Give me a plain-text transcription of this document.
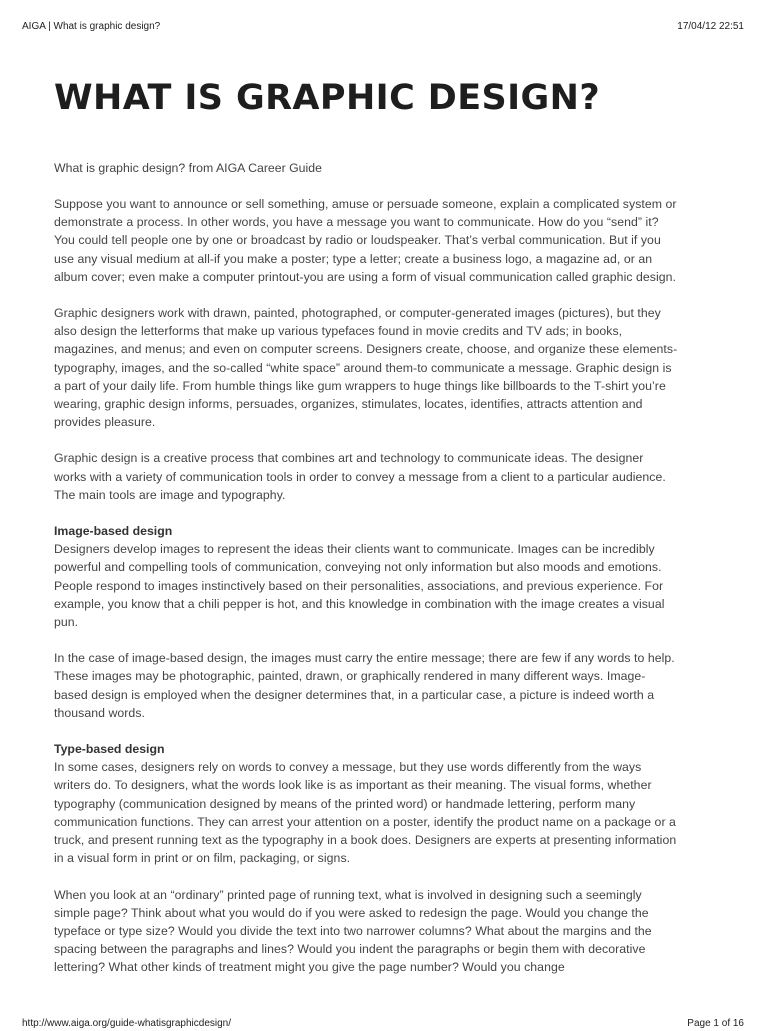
AIGA | What is graphic design?	17/04/12 22:51
WHAT IS GRAPHIC DESIGN?

What is graphic design? from AIGA Career Guide

Suppose you want to announce or sell something, amuse or persuade someone, explain a complicated system or demonstrate a process. In other words, you have a message you want to communicate. How do you “send” it? You could tell people one by one or broadcast by radio or loudspeaker. That’s verbal communication. But if you use any visual medium at all-if you make a poster; type a letter; create a business logo, a magazine ad, or an album cover; even make a computer printout-you are using a form of visual communication called graphic design.

Graphic designers work with drawn, painted, photographed, or computer-generated images (pictures), but they also design the letterforms that make up various typefaces found in movie credits and TV ads; in books, magazines, and menus; and even on computer screens. Designers create, choose, and organize these elements-typography, images, and the so-called “white space” around them-to communicate a message. Graphic design is a part of your daily life. From humble things like gum wrappers to huge things like billboards to the T-shirt you’re wearing, graphic design informs, persuades, organizes, stimulates, locates, identifies, attracts attention and provides pleasure.

Graphic design is a creative process that combines art and technology to communicate ideas. The designer works with a variety of communication tools in order to convey a message from a client to a particular audience. The main tools are image and typography.

Image-based design

Designers develop images to represent the ideas their clients want to communicate. Images can be incredibly powerful and compelling tools of communication, conveying not only information but also moods and emotions. People respond to images instinctively based on their personalities, associations, and previous experience. For example, you know that a chili pepper is hot, and this knowledge in combination with the image creates a visual pun.

In the case of image-based design, the images must carry the entire message; there are few if any words to help. These images may be photographic, painted, drawn, or graphically rendered in many different ways. Image-based design is employed when the designer determines that, in a particular case, a picture is indeed worth a thousand words.

Type-based design

In some cases, designers rely on words to convey a message, but they use words differently from the ways writers do. To designers, what the words look like is as important as their meaning. The visual forms, whether typography (communication designed by means of the printed word) or handmade lettering, perform many communication functions. They can arrest your attention on a poster, identify the product name on a package or a truck, and present running text as the typography in a book does. Designers are experts at presenting information in a visual form in print or on film, packaging, or signs.

When you look at an “ordinary” printed page of running text, what is involved in designing such a seemingly simple page? Think about what you would do if you were asked to redesign the page. Would you change the typeface or type size? Would you divide the text into two narrower columns? What about the margins and the spacing between the paragraphs and lines? Would you indent the paragraphs or begin them with decorative lettering? What other kinds of treatment might you give the page number? Would you change

http://www.aiga.org/guide-whatisgraphicdesign/	Page 1 of 16
